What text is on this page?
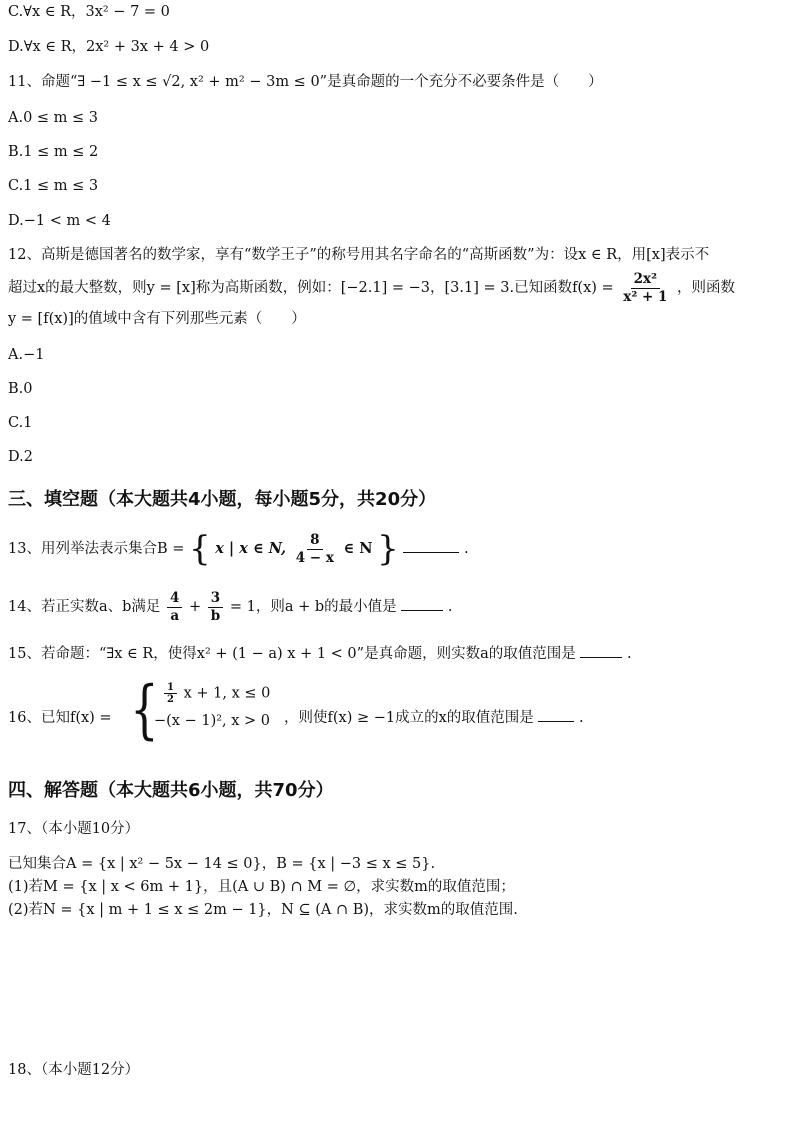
C.∀x ∈ R，3x² − 7 = 0
D.∀x ∈ R，2x² + 3x + 4 > 0
11、命题“∃ −1 ≤ x ≤ √2, x² + m² − 3m ≤ 0”是真命题的一个充分不必要条件是（　　）
A.0 ≤ m ≤ 3
B.1 ≤ m ≤ 2
C.1 ≤ m ≤ 3
D.−1 < m < 4
12、高斯是德国著名的数学家，享有“数学王子”的称号用其名字命名的“高斯函数”为：设x ∈ R，用[x]表示不
超过x的最大整数，则y = [x]称为高斯函数，例如：[−2.1] = −3，[3.1] = 3.已知函数$f(x) = \frac{\text{2x²}}{\text{x² + 1}}$ ，则函数
y = [f(x)]的值域中含有下列那些元素（　　）
A.−1
B.0
C.1
D.2
三、填空题（本大题共4小题，每小题5分，共20分）
13、用列举法表示集合B = { x | x ∈ N, $\frac{8}{4 - x}$ ∈ N }	.
14、若正实数a、b满足 $\frac{4}{a} + \frac{3}{b} = 1$，则a + b的最小值是	.
15、若命题：“∃x ∈ R，使得x² + (1 − a) x + 1 < 0”是真命题，则实数a的取值范围是	.
16、已知f(x) = { $\frac{1}{2}$ x + 1, x ≤ 0
−(x − 1)², x > 0 ，则使f(x) ≥ −1成立的x的取值范围是	.
四、解答题（本大题共6小题，共70分）
17、（本小题10分）
已知集合A = {x | x² − 5x − 14 ≤ 0}，B = {x | −3 ≤ x ≤ 5}.
(1)若M = {x | x < 6m + 1}，且(A ∪ B) ∩ M = ∅，求实数m的取值范围；
(2)若N = {x | m + 1 ≤ x ≤ 2m − 1}，N ⊆ (A ∩ B)，求实数m的取值范围.
18、（本小题12分）
